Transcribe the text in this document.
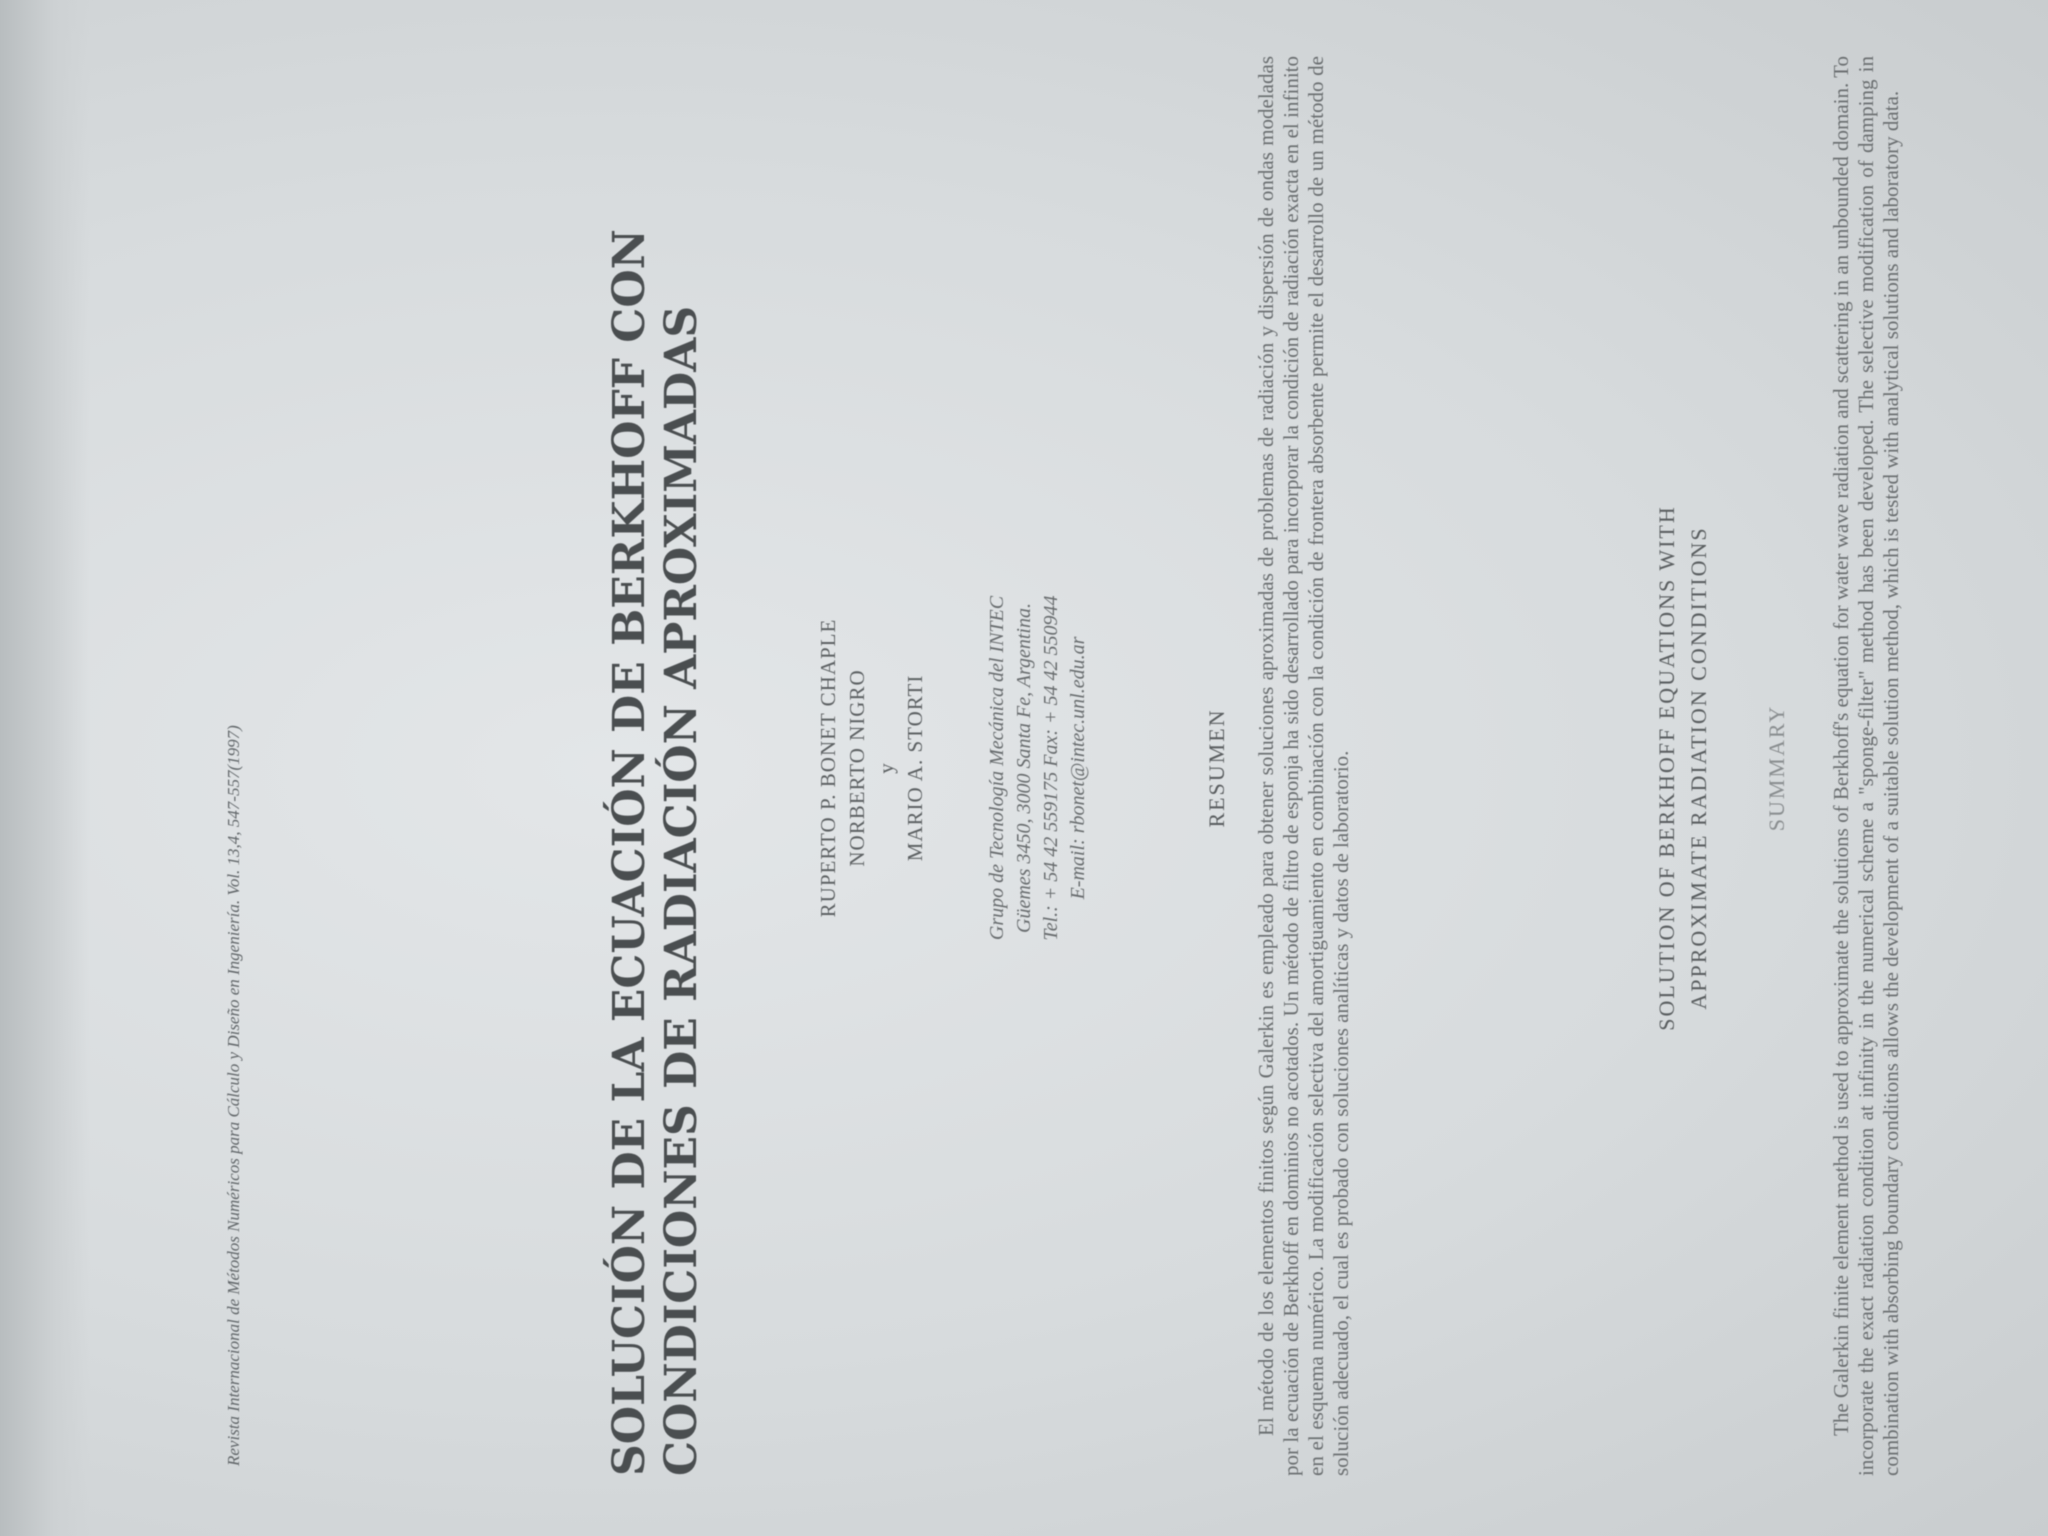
Revista Internacional de Métodos Numéricos para Cálculo y Diseño en Ingeniería. Vol. 13,4, 547-557(1997)	SOLUCIÓN DE LA ECUACIÓN DE BERKHOFF CON CONDICIONES DE RADIACIÓN APROXIMADAS	RUPERTO P. BONET CHAPLE NORBERTO NIGRO y MARIO A. STORTI	Grupo de Tecnología Mecánica del INTEC Güemes 3450, 3000 Santa Fe, Argentina. Tel.: + 54 42 559175 Fax: + 54 42 550944 E-mail: rbonet@intec.unl.edu.ar	RESUMEN El método de los elementos finitos según Galerkin es empleado para obtener soluciones aproximadas de problemas de radiación y dispersión de ondas modeladas por la ecuación de Berkhoff en dominios no acotados. Un método de filtro de esponja ha sido desarrollado para incorporar la condición de radiación exacta en el infinito en el esquema numérico. La modificación selectiva del amortiguamiento en combinación con la condición de frontera absorbente permite el desarrollo de un método de solución adecuado, el cual es probado con soluciones analíticas y datos de laboratorio.	SOLUTION OF BERKHOFF EQUATIONS WITH APPROXIMATE RADIATION CONDITIONS SUMMARY The Galerkin finite element method is used to approximate the solutions of Berkhoff's equation for water wave radiation and scattering in an unbounded domain. To incorporate the exact radiation condition at infinity in the numerical scheme a "sponge-filter" method has been developed. The selective modification of damping in combination with absorbing boundary conditions allows the development of a suitable solution method, which is tested with analytical solutions and laboratory data.
